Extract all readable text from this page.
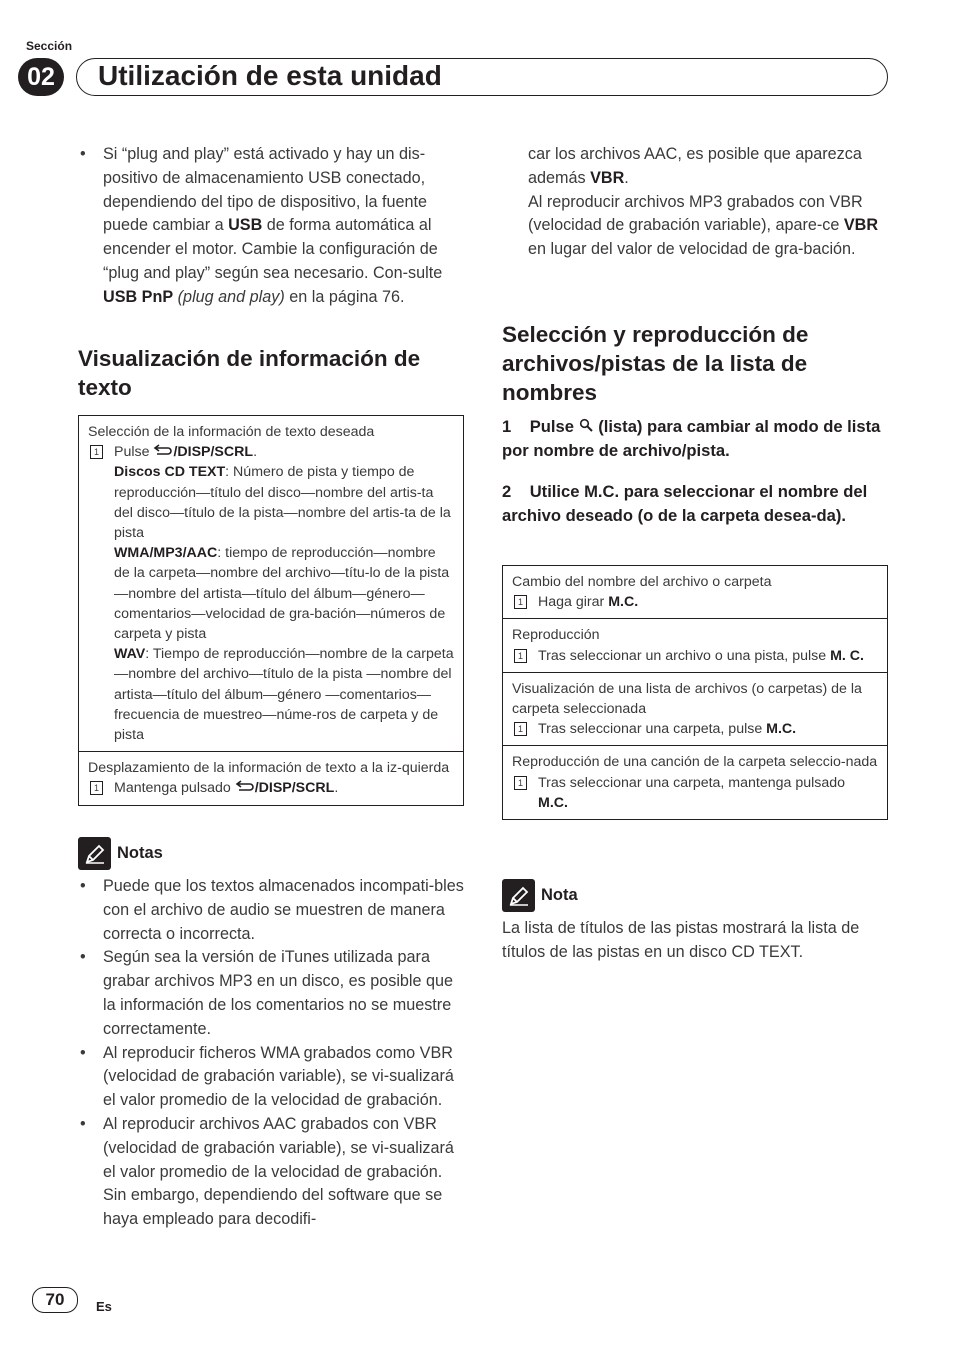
Sección
02	Utilización de esta unidad
• Si “plug and play” está activado y hay un dis-positivo de almacenamiento USB conectado, dependiendo del tipo de dispositivo, la fuente puede cambiar a USB de forma automática al encender el motor. Cambie la configuración de “plug and play” según sea necesario. Con-sulte USB PnP (plug and play) en la página 76.
Visualización de información de texto
Selección de la información de texto deseada
1 Pulse /DISP/SCRL.
Discos CD TEXT: Número de pista y tiempo de reproducción—título del disco—nombre del artis-ta del disco—título de la pista—nombre del artis-ta de la pista
WMA/MP3/AAC: tiempo de reproducción—nombre de la carpeta—nombre del archivo—títu-lo de la pista—nombre del artista—título del álbum—género—comentarios—velocidad de gra-bación—números de carpeta y pista
WAV: Tiempo de reproducción—nombre de la carpeta—nombre del archivo—título de la pista —nombre del artista—título del álbum—género —comentarios—frecuencia de muestreo—núme-ros de carpeta y de pista
Desplazamiento de la información de texto a la iz-quierda
1 Mantenga pulsado /DISP/SCRL.
Notas
• Puede que los textos almacenados incompati-bles con el archivo de audio se muestren de manera correcta o incorrecta.
• Según sea la versión de iTunes utilizada para grabar archivos MP3 en un disco, es posible que la información de los comentarios no se muestre correctamente.
• Al reproducir ficheros WMA grabados como VBR (velocidad de grabación variable), se vi-sualizará el valor promedio de la velocidad de grabación.
• Al reproducir archivos AAC grabados con VBR (velocidad de grabación variable), se vi-sualizará el valor promedio de la velocidad de grabación. Sin embargo, dependiendo del software que se haya empleado para decodifi-
car los archivos AAC, es posible que aparezca además VBR.
Al reproducir archivos MP3 grabados con VBR (velocidad de grabación variable), apare-ce VBR en lugar del valor de velocidad de gra-bación.
Selección y reproducción de archivos/pistas de la lista de nombres
1 Pulse  (lista) para cambiar al modo de lista por nombre de archivo/pista.
2 Utilice M.C. para seleccionar el nombre del archivo deseado (o de la carpeta desea-da).
Cambio del nombre del archivo o carpeta
1 Haga girar M.C.
Reproducción
1 Tras seleccionar un archivo o una pista, pulse M. C.
Visualización de una lista de archivos (o carpetas) de la carpeta seleccionada
1 Tras seleccionar una carpeta, pulse M.C.
Reproducción de una canción de la carpeta seleccio-nada
1 Tras seleccionar una carpeta, mantenga pulsado M.C.
Nota
La lista de títulos de las pistas mostrará la lista de títulos de las pistas en un disco CD TEXT.
70	Es
